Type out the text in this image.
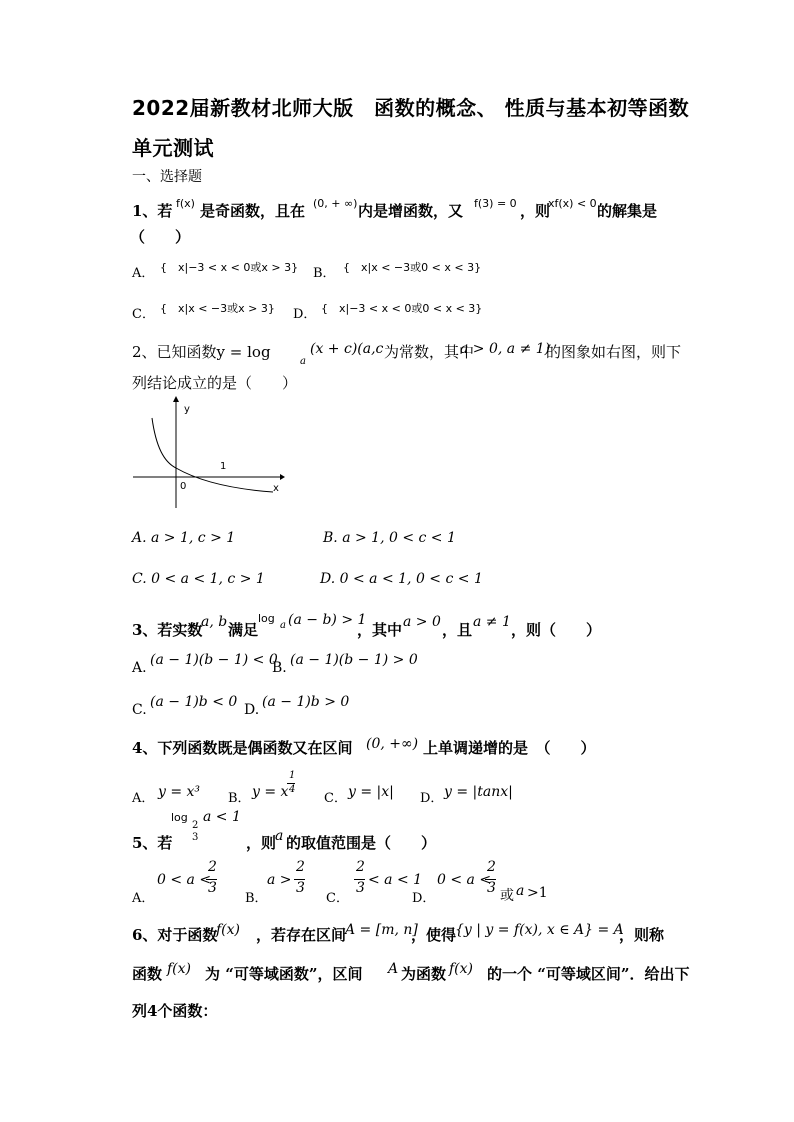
2022届新教材北师大版　函数的概念、 性质与基本初等函数
单元测试
一、选择题
1、若 f(x) 是奇函数，且在 (0, + ∞) 内是增函数，又 f(3) = 0 ，则
xf(x) < 0 的解集是
（　　）
A． {　x|−3 < x < 0或x > 3} B． {　x|x < −3或0 < x < 3}
C． {　x|x < −3或x > 3} D． {　x|−3 < x < 0或0 < x < 3}
2、已知函数y = log
a
(x + c)(a,c 为常数，其中
a > 0, a ≠ 1)
的图象如右图，则下
列结论成立的是（　　）
y
x
0
1
A. a > 1, c > 1	B. a > 1, 0 < c < 1
C. 0 < a < 1, c > 1	D. 0 < a < 1, 0 < c < 1
3、若实数
a, b 满足
log
a (a − b) > 1
，其中 a > 0 ，且 a ≠ 1 ，则（　　）
A. (a − 1)(b − 1) < 0
B. (a − 1)(b − 1) > 0
C. (a − 1)b < 0 D. (a − 1)b > 0
4、下列函数既是偶函数又在区间 (0, +∞) 上单调递增的是　（　　）
A． y = x³ B． y = x
1
4
C． y = |x| D． y = |tanx|
log
2
3
a < 1
5、若	，则
a 的取值范围是（　　）
A．
0 < a <
2
3
B．
a >
2
3
C．
2
3 < a < 1
D．
0 < a <
2
3 或 a >1
6、对于函数
f(x) ，若存在区间
A = [m, n]
，使得
{y | y = f(x), x ∈ A} = A
，则称
函数 f(x) 为 “可等域函数”，区间 A 为函数 f(x) 的一个 “可等域区间”．给出下
列4个函数：
